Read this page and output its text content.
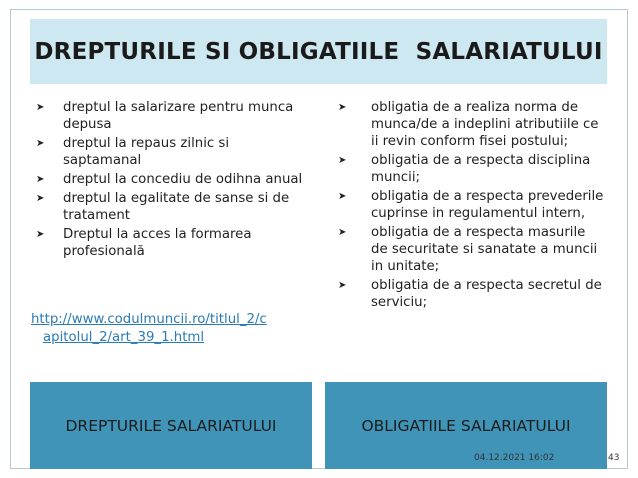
DREPTURILE SI OBLIGATIILE  SALARIATULUI
➤ dreptul la salarizare pentru munca depusa
➤ dreptul la repaus zilnic si saptamanal
➤ dreptul la concediu de odihna anual
➤ dreptul la egalitate de sanse si de tratament
➤ Dreptul la acces la formarea profesională
http://www.codulmuncii.ro/titlul_2/c
apitolul_2/art_39_1.html
➤ obligatia de a realiza norma de munca/de a indeplini atributiile ce ii revin conform fisei postului;
➤ obligatia de a respecta disciplina muncii;
➤ obligatia de a respecta prevederile cuprinse in regulamentul intern,
➤ obligatia de a respecta masurile de securitate si sanatate a muncii in unitate;
➤ obligatia de a respecta secretul de serviciu;
DREPTURILE SALARIATULUI	OBLIGATIILE SALARIATULUI
04.12.2021 16:02	43
